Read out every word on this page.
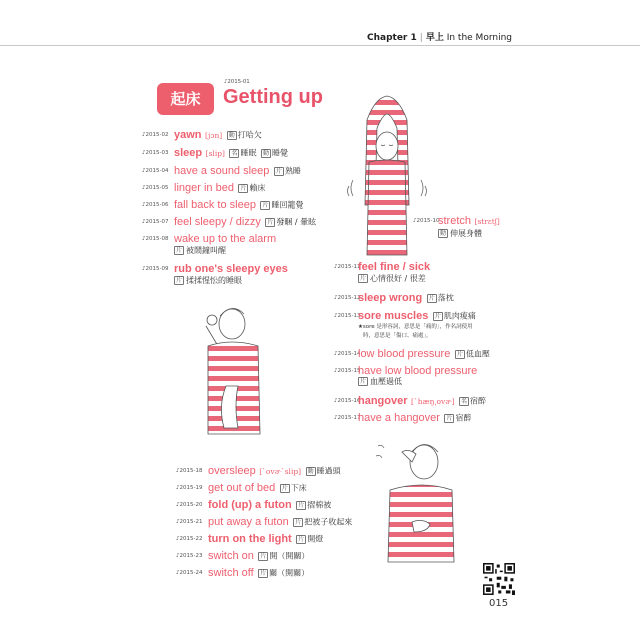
Chapter 1 | 早上 In the Morning
起床
♪2015-01
Getting up
♪2015-02 yawn [jɔn] 動 打哈欠
♪2015-03 sleep [slip] 名 睡眠 動 睡覺
♪2015-04 have a sound sleep 片 熟睡
♪2015-05 linger in bed 片 賴床
♪2015-06 fall back to sleep 片 睡回籠覺
♪2015-07 feel sleepy / dizzy 片 發睏 / 暈眩
♪2015-08 wake up to the alarm
片 被鬧鐘叫醒
♪2015-09 rub one's sleepy eyes
片 揉揉惺忪的睡眼
♪2015-10stretch [strɛtʃ]
動 伸展身體
♪2015-11feel fine / sick
片 心情很好 / 很差
♪2015-12sleep wrong 片 落枕
♪2015-13sore muscles 片 肌肉痠痛
★sore 是形容詞，意思是「痛的」，作名詞使用
時，意思是「傷口、痛處」。
♪2015-14low blood pressure 片 低血壓
♪2015-15have low blood pressure
片 血壓過低
♪2015-16hangover [ˋhæŋ͵ovɚ] 名 宿醉
♪2015-17have a hangover 片 宿醉
♪2015-18 oversleep [ˋovɚˋslip] 動 睡過頭
♪2015-19 get out of bed 片 下床
♪2015-20 fold (up) a futon 片 摺棉被
♪2015-21 put away a futon 片 把被子收起來
♪2015-22 turn on the light 片 開燈
♪2015-23 switch on 片 開（開關）
♪2015-24 switch off 片 關（開關）
015
